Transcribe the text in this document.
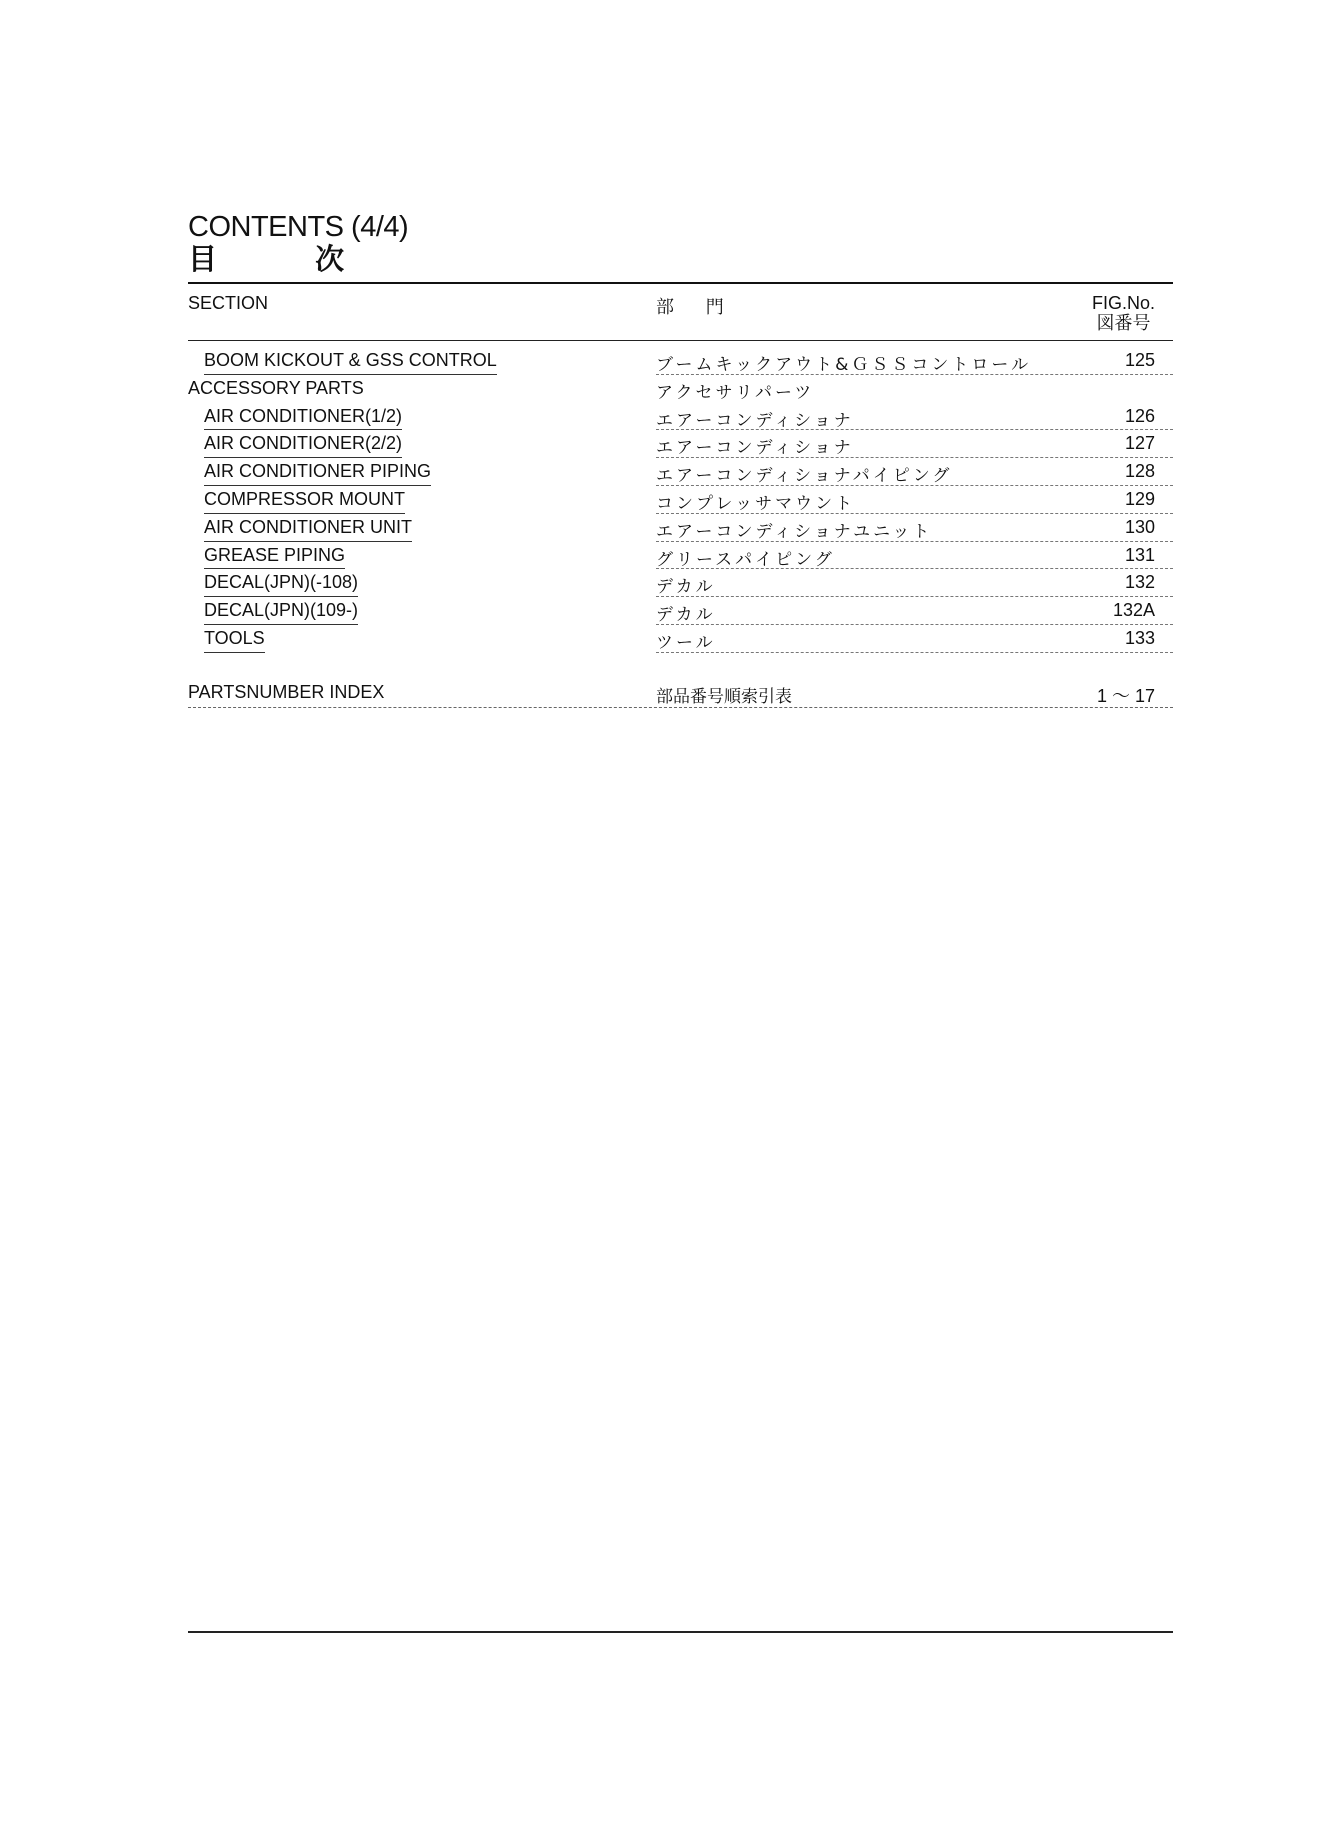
CONTENTS (4/4)
目 次
SECTION	部 門	FIG.No.
図番号
BOOM KICKOUT & GSS CONTROL	ブームキックアウト&ＧＳＳコントロール	125
ACCESSORY PARTS	アクセサリパーツ
AIR CONDITIONER(1/2)	エアーコンディショナ	126
AIR CONDITIONER(2/2)	エアーコンディショナ	127
AIR CONDITIONER PIPING	エアーコンディショナパイピング	128
COMPRESSOR MOUNT	コンプレッサマウント	129
AIR CONDITIONER UNIT	エアーコンディショナユニット	130
GREASE PIPING	グリースパイピング	131
DECAL(JPN)(-108)	デカル	132
DECAL(JPN)(109-)	デカル	132A
TOOLS	ツール	133
PARTSNUMBER INDEX	部品番号順索引表	1 ～ 17
